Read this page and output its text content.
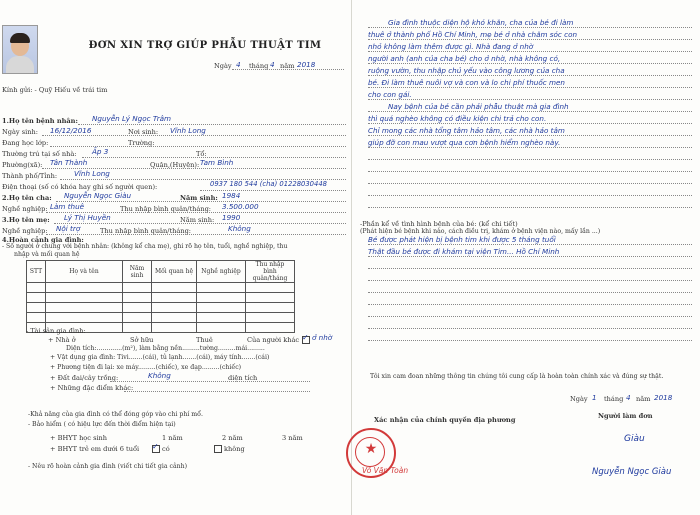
ĐƠN XIN TRỢ GIÚP PHẪU THUẬT TIM
Ngày 4 tháng 4 năm 2018
Kính gửi: - Quỹ Hiếu về trái tim
1.Họ tên bệnh nhân: Nguyễn Lý Ngọc Trâm
Ngày sinh: 16/12/2016	Nơi sinh: Vĩnh Long
Đang học lớp:	Trường:
Thường trú tại số nhà: Ấp 3	Tổ:
Phường(xã): Tân Thành	Quận,(Huyện): Tam Bình
Thành phố/Tỉnh: Vĩnh Long
Điện thoại (số có khóa hay ghi số người quen):	0937 180 544 (cha) 01228030448
2.Họ tên cha: Nguyễn Ngọc Giàu	Năm sinh: 1984
Nghề nghiệp: Làm thuê	Thu nhập bình quân/tháng: 3.500.000
3.Họ tên mẹ: Lý Thị Huyền	Năm sinh: 1990
Nghề nghiệp: Nội trợ	Thu nhập bình quân/tháng:	Không
4.Hoàn cảnh gia đình:
- Số người ở chung với bệnh nhân: (không kể cha mẹ), ghi rõ họ tên, tuổi, nghề nghiệp, thu
nhập và mối quan hệ
STT	Họ và tên	Năm sinh	Mối quan hệ	Nghề nghiệp	Thu nhập bình quân/tháng

- Tài sản gia đình:
+ Nhà ở	Sở hữu	Thuê	Của người khác ✓ ở nhờ
Diện tích:.............(m²), làm bằng nền.........tường.........mái.........
+ Vật dụng gia đình: Tivi.......(cái), tủ lạnh.......(cái), máy tính.......(cái)
+ Phương tiện đi lại: xe máy.........(chiếc), xe đạp.........(chiếc)
+ Đất đai/cây trồng:	Không	diện tích
+ Những đặc điểm khác:
-Khả năng của gia đình có thể đóng góp vào chi phí mổ.
- Bảo hiểm ( có hiệu lực đến thời điểm hiện tại)
+ BHYT học sinh	1 năm	2 năm	3 năm
+ BHYT trẻ em dưới 6 tuổi ✓	có	không
- Nêu rõ hoàn cảnh gia đình (viết chi tiết gia cảnh)
Gia đình thuộc diện hộ khó khăn, cha của bé đi làm
thuê ở thành phố Hồ Chí Minh, mẹ bé ở nhà chăm sóc con
nhỏ không làm thêm được gì. Nhà đang ở nhờ
người anh (anh của cha bé) cho ở nhờ, nhà không có,
ruộng vườn, thu nhập chủ yếu vào công lương của cha
bé. Đi làm thuê nuôi vợ và con và lo chi phí thuốc men
cho con gái.
Nay bệnh của bé cần phải phẫu thuật mà gia đình
thì quá nghèo không có điều kiện chi trả cho con.
Chỉ mong các nhà tổng tâm hảo tâm, các nhà hảo tâm
giúp đỡ con mau vượt qua cơn bệnh hiểm nghèo này.
-Phần kể về tình hình bệnh của bé: (kể chi tiết)
(Phát hiện bé bệnh khi nào, cách điều trị, khám ở bệnh viện nào, mấy lần ...)
Bé được phát hiện bị bệnh tim khi được 5 tháng tuổi
Thật đầu bé được đi khám tại viện Tim... Hồ Chí Minh
Tôi xin cam đoan những thông tin chúng tôi cung cấp là hoàn toàn chính xác và đúng sự thật.
Ngày 1 tháng 4 năm 2018
Xác nhận của chính quyền địa phương	Người làm đơn
Giàu
Nguyễn Ngọc Giàu
★
Võ Văn Toàn
